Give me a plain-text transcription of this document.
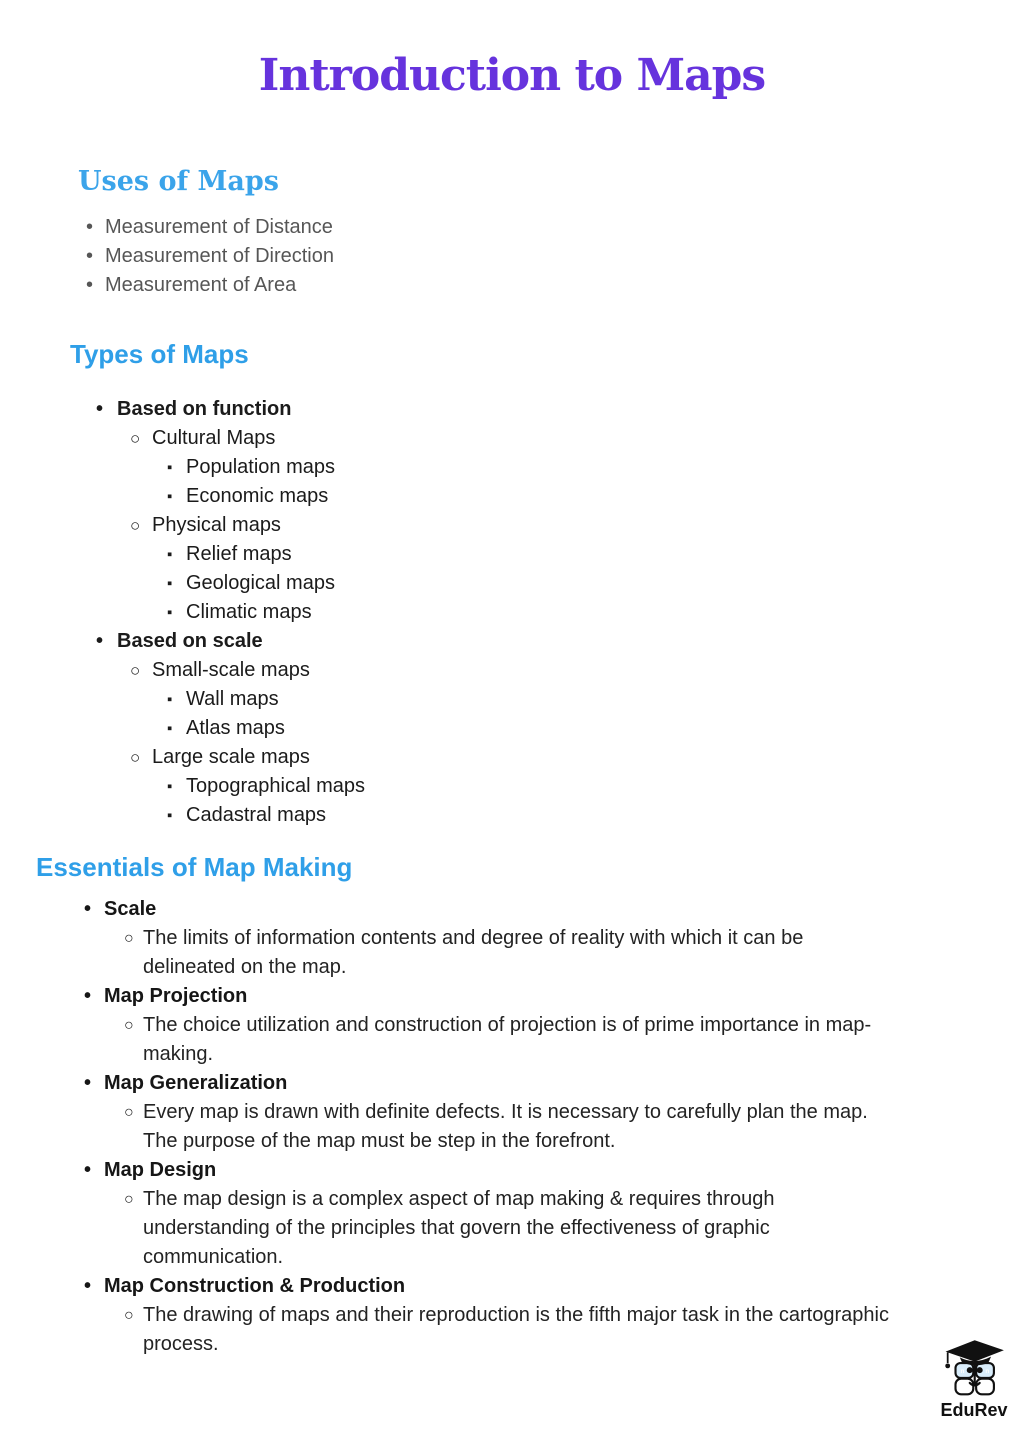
Introduction to Maps
Uses of Maps
• Measurement of Distance
• Measurement of Direction
• Measurement of Area
Types of Maps
• Based on function
○ Cultural Maps
▪ Population maps
▪ Economic maps
○ Physical maps
▪ Relief maps
▪ Geological maps
▪ Climatic maps
• Based on scale
○ Small-scale maps
▪ Wall maps
▪ Atlas maps
○ Large scale maps
▪ Topographical maps
▪ Cadastral maps
Essentials of Map Making
• Scale
○ The limits of information contents and degree of reality with which it can be delineated on the map.
• Map Projection
○ The choice utilization and construction of projection is of prime importance in map-making.
• Map Generalization
○ Every map is drawn with definite defects. It is necessary to carefully plan the map. The purpose of the map must be step in the forefront.
• Map Design
○ The map design is a complex aspect of map making & requires through understanding of the principles that govern the effectiveness of graphic communication.
• Map Construction & Production
○ The drawing of maps and their reproduction is the fifth major task in the cartographic process.
n n
EduRev
